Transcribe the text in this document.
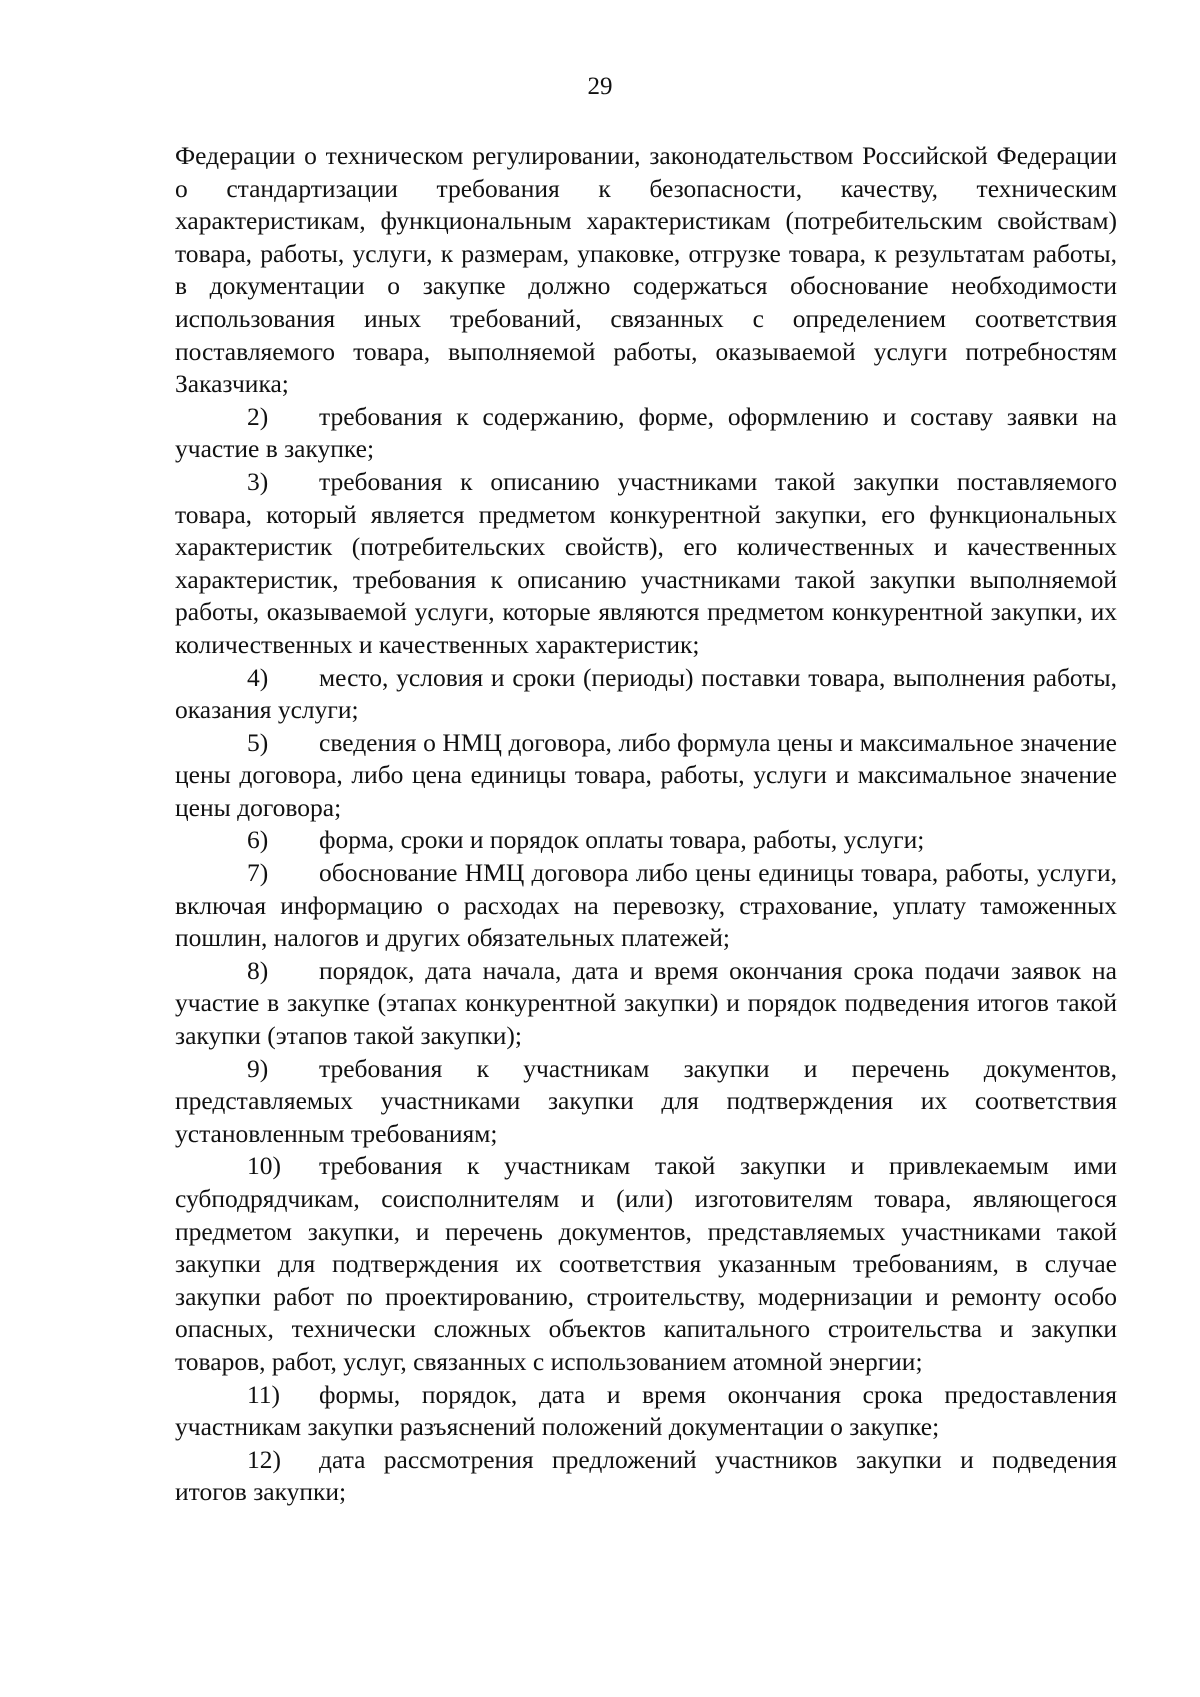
29

Федерации о техническом регулировании, законодательством Российской Федерации о стандартизации требования к безопасности, качеству, техническим характеристикам, функциональным характеристикам (потребительским свойствам) товара, работы, услуги, к размерам, упаковке, отгрузке товара, к результатам работы, в документации о закупке должно содержаться обоснование необходимости использования иных требований, связанных с определением соответствия поставляемого товара, выполняемой работы, оказываемой услуги потребностям Заказчика;

2) требования к содержанию, форме, оформлению и составу заявки на участие в закупке;

3) требования к описанию участниками такой закупки поставляемого товара, который является предметом конкурентной закупки, его функциональных характеристик (потребительских свойств), его количественных и качественных характеристик, требования к описанию участниками такой закупки выполняемой работы, оказываемой услуги, которые являются предметом конкурентной закупки, их количественных и качественных характеристик;

4) место, условия и сроки (периоды) поставки товара, выполнения работы, оказания услуги;

5) сведения о НМЦ договора, либо формула цены и максимальное значение цены договора, либо цена единицы товара, работы, услуги и максимальное значение цены договора;

6) форма, сроки и порядок оплаты товара, работы, услуги;

7) обоснование НМЦ договора либо цены единицы товара, работы, услуги, включая информацию о расходах на перевозку, страхование, уплату таможенных пошлин, налогов и других обязательных платежей;

8) порядок, дата начала, дата и время окончания срока подачи заявок на участие в закупке (этапах конкурентной закупки) и порядок подведения итогов такой закупки (этапов такой закупки);

9) требования к участникам закупки и перечень документов, представляемых участниками закупки для подтверждения их соответствия установленным требованиям;

10) требования к участникам такой закупки и привлекаемым ими субподрядчикам, соисполнителям и (или) изготовителям товара, являющегося предметом закупки, и перечень документов, представляемых участниками такой закупки для подтверждения их соответствия указанным требованиям, в случае закупки работ по проектированию, строительству, модернизации и ремонту особо опасных, технически сложных объектов капитального строительства и закупки товаров, работ, услуг, связанных с использованием атомной энергии;

11) формы, порядок, дата и время окончания срока предоставления участникам закупки разъяснений положений документации о закупке;

12) дата рассмотрения предложений участников закупки и подведения итогов закупки;
